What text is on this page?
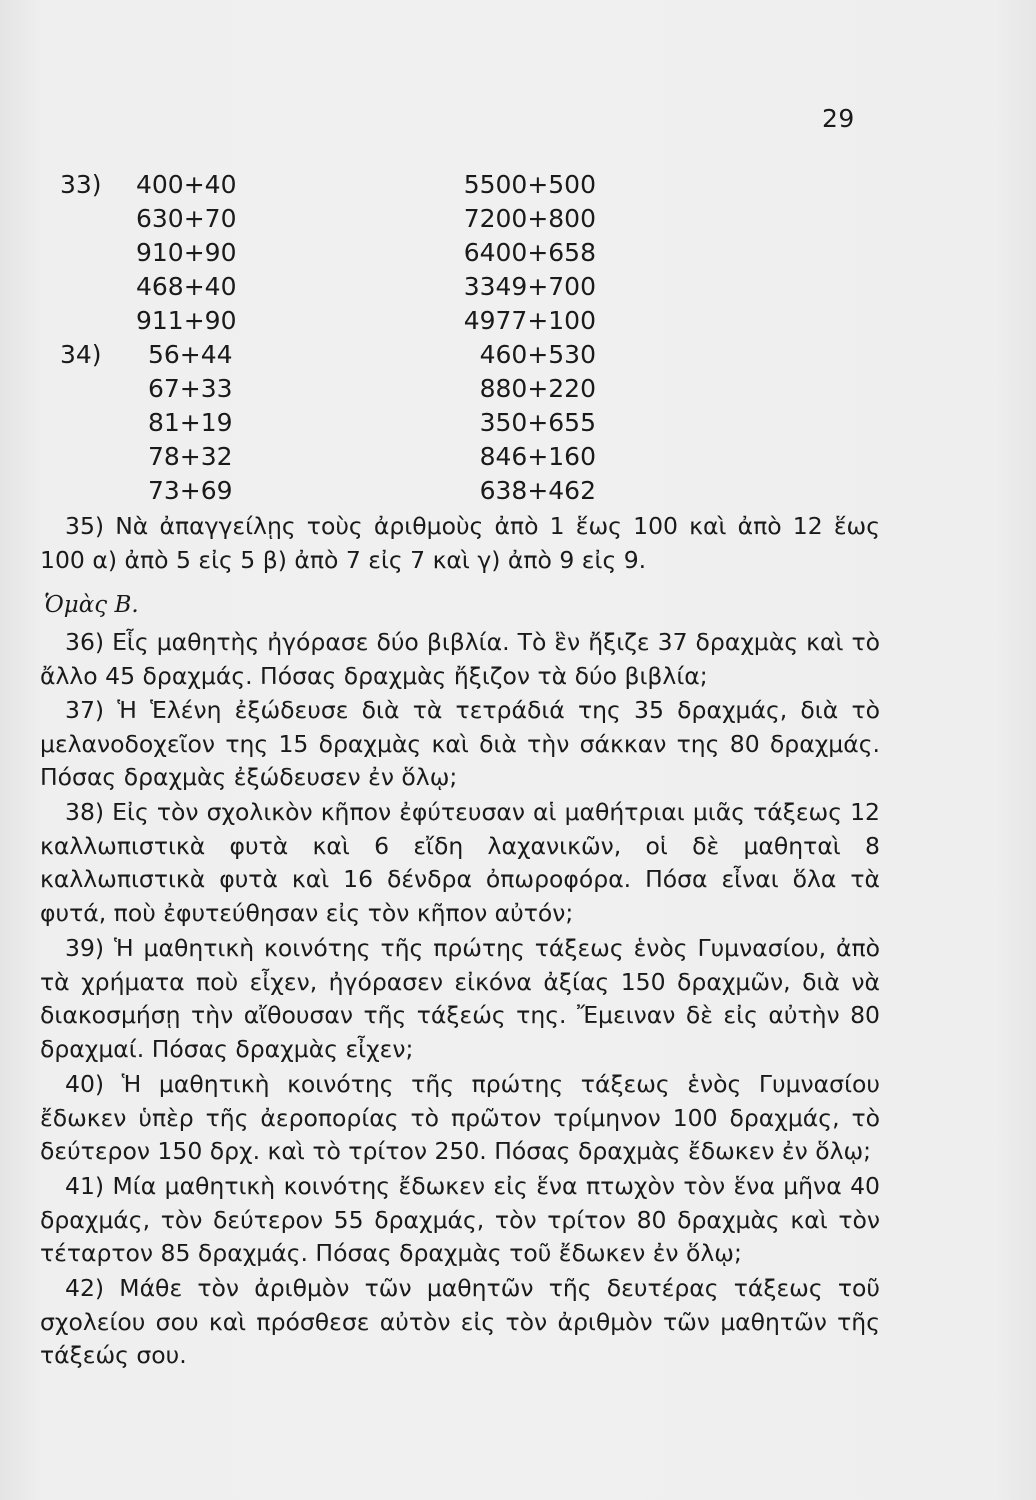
29
33) 400+40
630+70
910+90
468+40
911+90
5500+500
7200+800
6400+658
3349+700
4977+100
34) 56+44
67+33
81+19
78+32
73+69
460+530
880+220
350+655
846+160
638+462

35) Νὰ ἀπαγγείλῃς τοὺς ἀριθμοὺς ἀπὸ 1 ἕως 100 καὶ ἀπὸ 12 ἕως 100 α) ἀπὸ 5 εἰς 5 β) ἀπὸ 7 εἰς 7 καὶ γ) ἀπὸ 9 εἰς 9.

Ὁμὰς Β.

36) Εἷς μαθητὴς ἠγόρασε δύο βιβλία. Τὸ ἓν ἤξιζε 37 δραχμὰς καὶ τὸ ἄλλο 45 δραχμάς. Πόσας δραχμὰς ἤξιζον τὰ δύο βιβλία;

37) Ἡ Ἑλένη ἐξώδευσε διὰ τὰ τετράδιά της 35 δραχμάς, διὰ τὸ μελανοδοχεῖον της 15 δραχμὰς καὶ διὰ τὴν σάκκαν της 80 δραχμάς. Πόσας δραχμὰς ἐξώδευσεν ἐν ὅλῳ;

38) Εἰς τὸν σχολικὸν κῆπον ἐφύτευσαν αἱ μαθήτριαι μιᾶς τάξεως 12 καλλωπιστικὰ φυτὰ καὶ 6 εἴδη λαχανικῶν, οἱ δὲ μαθηταὶ 8 καλλωπιστικὰ φυτὰ καὶ 16 δένδρα ὀπωροφόρα. Πόσα εἶναι ὅλα τὰ φυτά, ποὺ ἐφυτεύθησαν εἰς τὸν κῆπον αὐτόν;

39) Ἡ μαθητικὴ κοινότης τῆς πρώτης τάξεως ἑνὸς Γυμνασίου, ἀπὸ τὰ χρήματα ποὺ εἶχεν, ἠγόρασεν εἰκόνα ἀξίας 150 δραχμῶν, διὰ νὰ διακοσμήσῃ τὴν αἴθουσαν τῆς τάξεώς της. Ἔμειναν δὲ εἰς αὐτὴν 80 δραχμαί. Πόσας δραχμὰς εἶχεν;

40) Ἡ μαθητικὴ κοινότης τῆς πρώτης τάξεως ἑνὸς Γυμνασίου ἔδωκεν ὑπὲρ τῆς ἀεροπορίας τὸ πρῶτον τρίμηνον 100 δραχμάς, τὸ δεύτερον 150 δρχ. καὶ τὸ τρίτον 250. Πόσας δραχμὰς ἔδωκεν ἐν ὅλῳ;

41) Μία μαθητικὴ κοινότης ἔδωκεν εἰς ἕνα πτωχὸν τὸν ἕνα μῆνα 40 δραχμάς, τὸν δεύτερον 55 δραχμάς, τὸν τρίτον 80 δραχμὰς καὶ τὸν τέταρτον 85 δραχμάς. Πόσας δραχμὰς τοῦ ἔδωκεν ἐν ὅλῳ;

42) Μάθε τὸν ἀριθμὸν τῶν μαθητῶν τῆς δευτέρας τάξεως τοῦ σχολείου σου καὶ πρόσθεσε αὐτὸν εἰς τὸν ἀριθμὸν τῶν μαθητῶν τῆς τάξεώς σου.
